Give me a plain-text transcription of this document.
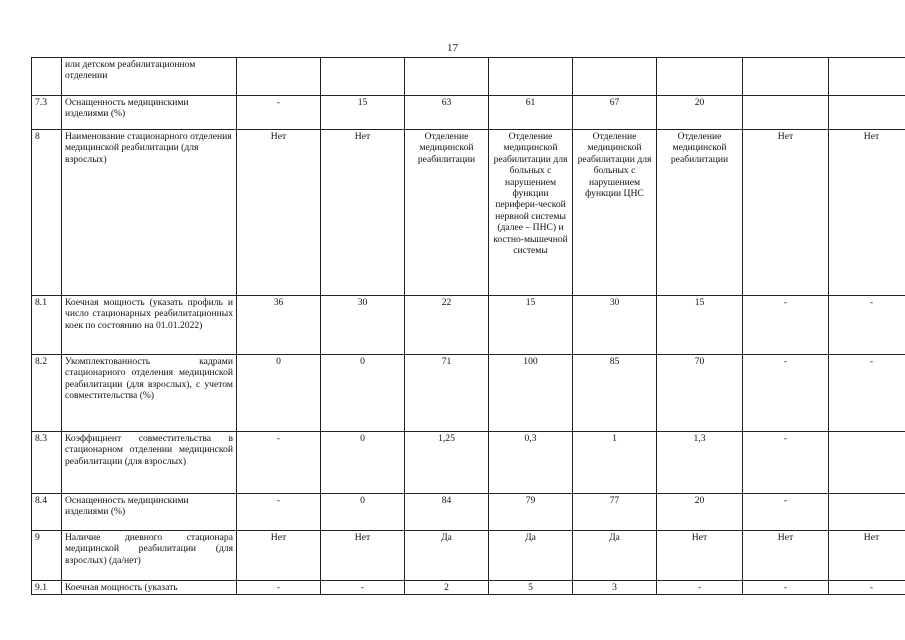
17
	или детском реабилитационном отделении								
7.3	Оснащенность медицинскими изделиями (%)	-	15	63	61	67	20		
8	Наименование стационарного отделения медицинской реабилитации (для взрослых)	Нет	Нет	Отделение медицинской реабилитации	Отделение медицинской реабилитации для больных с нарушением функции перифери-ческой нервной системы (далее – ПНС) и костно-мышечной системы	Отделение медицинской реабилитации для больных с нарушением функции ЦНС	Отделение медицинской реабилитации	Нет	Нет
8.1	Коечная мощность (указать профиль и число стационарных реабилитационных коек по состоянию на 01.01.2022)	36	30	22	15	30	15	-	-
8.2	Укомплектованность кадрами стационарного отделения медицинской реабилитации (для взрослых), с учетом совместительства (%)	0	0	71	100	85	70	-	-
8.3	Коэффициент совместительства в стационарном отделении медицинской реабилитации (для взрослых)	-	0	1,25	0,3	1	1,3	-	
8.4	Оснащенность медицинскими изделиями (%)	-	0	84	79	77	20	-	
9	Наличие дневного стационара медицинской реабилитации (для взрослых) (да/нет)	Нет	Нет	Да	Да	Да	Нет	Нет	Нет
9.1	Коечная мощность (указать	-	-	2	5	3	-	-	-
